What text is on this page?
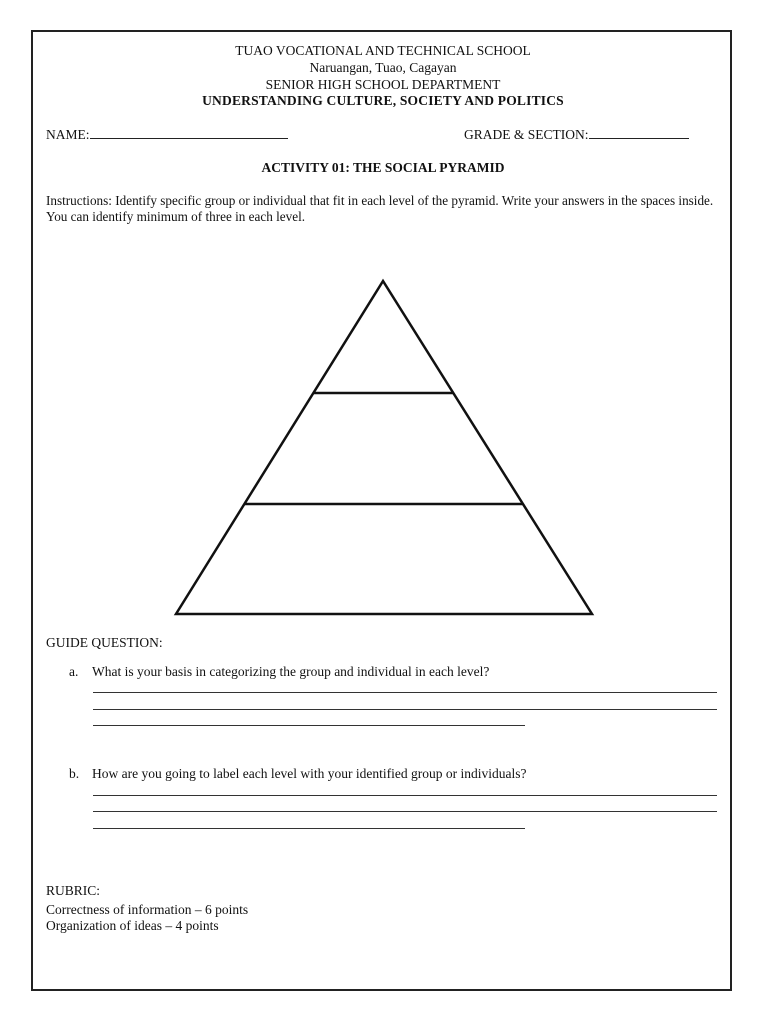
TUAO VOCATIONAL AND TECHNICAL SCHOOL
Naruangan, Tuao, Cagayan
SENIOR HIGH SCHOOL DEPARTMENT
UNDERSTANDING CULTURE, SOCIETY AND POLITICS
NAME:	GRADE & SECTION:
ACTIVITY 01: THE SOCIAL PYRAMID
Instructions: Identify specific group or individual that fit in each level of the pyramid. Write your answers in the spaces inside. You can identify minimum of three in each level.
GUIDE QUESTION:
a. What is your basis in categorizing the group and individual in each level?
b. How are you going to label each level with your identified group or individuals?
RUBRIC:
Correctness of information – 6 points
Organization of ideas – 4 points
